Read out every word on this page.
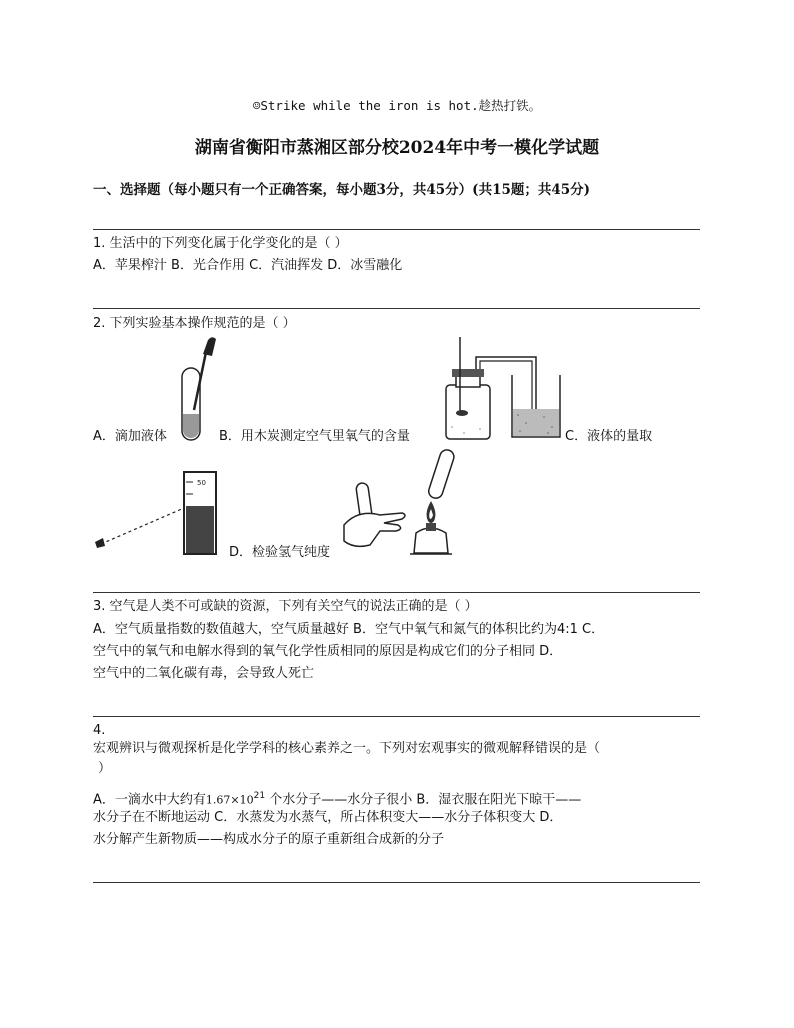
☺Strike while the iron is hot.趁热打铁。
湖南省衡阳市蒸湘区部分校2024年中考一模化学试题
一、选择题（每小题只有一个正确答案，每小题3分，共45分）(共15题；共45分)
1. 生活中的下列变化属于化学变化的是（ ）
A．苹果榨汁 B．光合作用 C．汽油挥发 D．冰雪融化
2. 下列实验基本操作规范的是（ ）
A．滴加液体	B．用木炭测定空气里氧气的含量	C．液体的量取
50
D．检验氢气纯度
3. 空气是人类不可或缺的资源，下列有关空气的说法正确的是（ ）
A．空气质量指数的数值越大，空气质量越好 B．空气中氧气和氮气的体积比约为4:1 C．
空气中的氧气和电解水得到的氧气化学性质相同的原因是构成它们的分子相同 D．
空气中的二氧化碳有毒，会导致人死亡
4.
宏观辨识与微观探析是化学学科的核心素养之一。下列对宏观事实的微观解释错误的是（
）
A．一滴水中大约有$1.67\times 10^{21}$ 个水分子——水分子很小 B．湿衣服在阳光下晾干——
水分子在不断地运动 C．水蒸发为水蒸气，所占体积变大——水分子体积变大 D．
水分解产生新物质——构成水分子的原子重新组合成新的分子
